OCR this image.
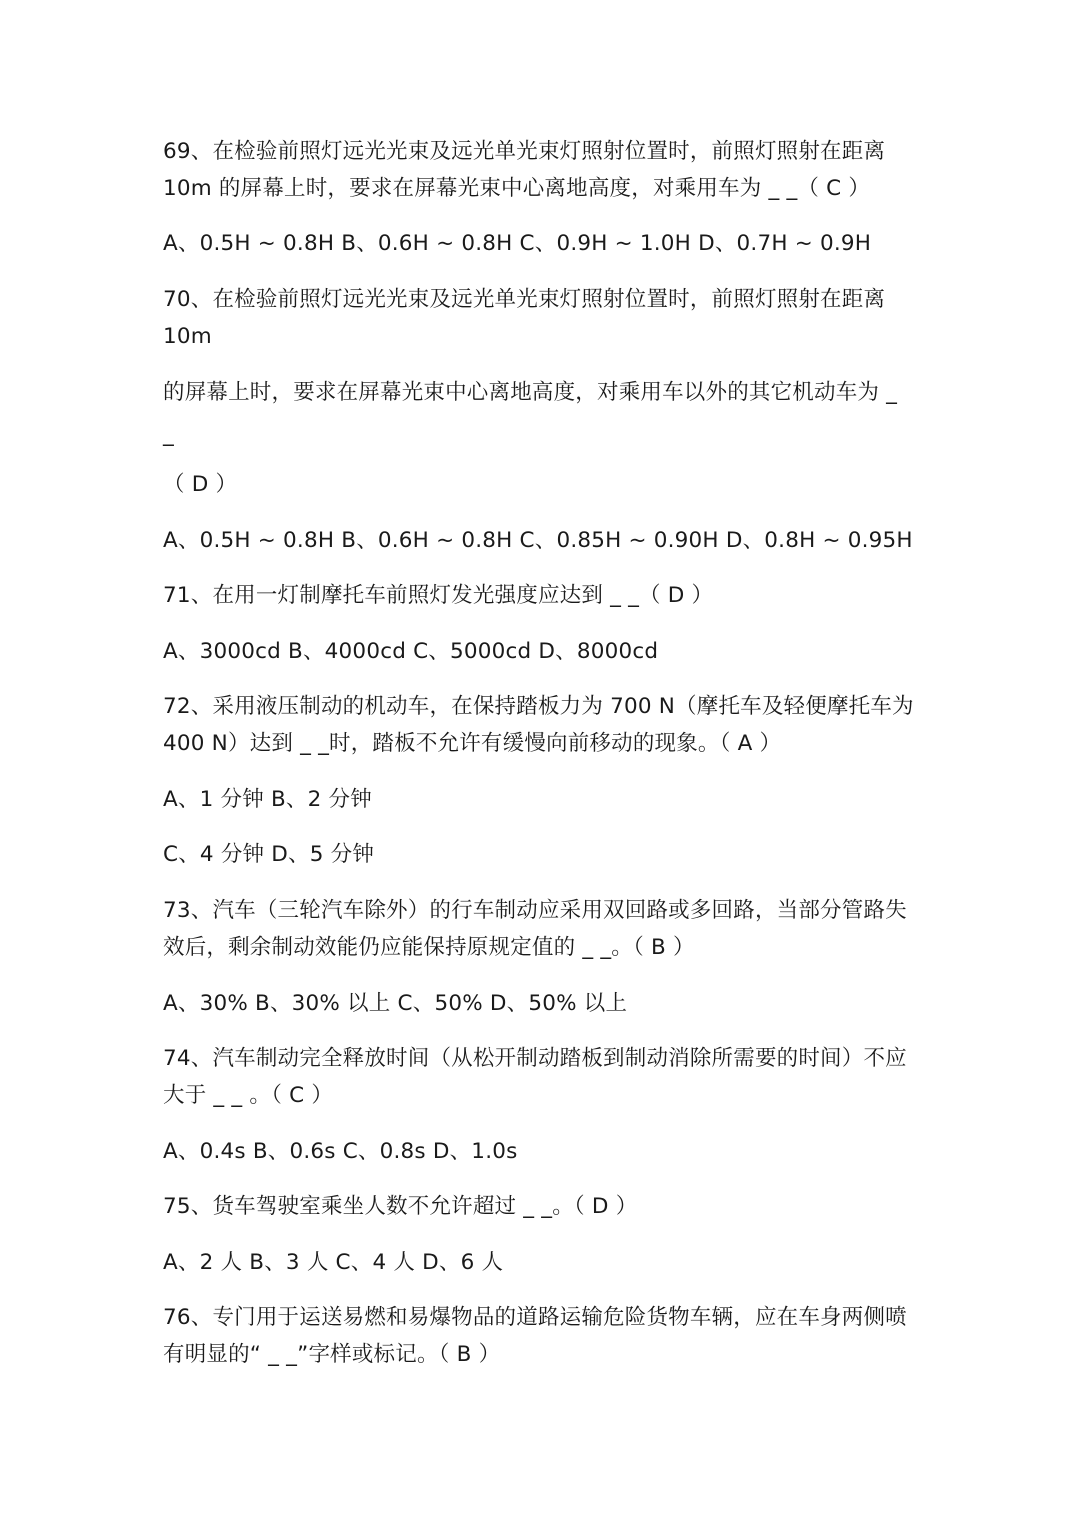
69、在检验前照灯远光光束及远光单光束灯照射位置时，前照灯照射在距离
10m 的屏幕上时，要求在屏幕光束中心离地高度，对乘用车为 _ _（ C ）
A、0.5H ~ 0.8H B、0.6H ~ 0.8H C、0.9H ~ 1.0H D、0.7H ~ 0.9H
70、在检验前照灯远光光束及远光单光束灯照射位置时，前照灯照射在距离
10m
的屏幕上时，要求在屏幕光束中心离地高度，对乘用车以外的其它机动车为 _
_
（ D ）
A、0.5H ~ 0.8H B、0.6H ~ 0.8H C、0.85H ~ 0.90H D、0.8H ~ 0.95H
71、在用一灯制摩托车前照灯发光强度应达到 _ _（ D ）
A、3000cd B、4000cd C、5000cd D、8000cd
72、采用液压制动的机动车，在保持踏板力为 700 N（摩托车及轻便摩托车为
400 N）达到 _ _时，踏板不允许有缓慢向前移动的现象。（ A ）
A、1 分钟 B、2 分钟
C、4 分钟 D、5 分钟
73、汽车（三轮汽车除外）的行车制动应采用双回路或多回路，当部分管路失
效后，剩余制动效能仍应能保持原规定值的 _ _。（ B ）
A、30% B、30% 以上 C、50% D、50% 以上
74、汽车制动完全释放时间（从松开制动踏板到制动消除所需要的时间）不应
大于 _ _ 。（ C ）
A、0.4s B、0.6s C、0.8s D、1.0s
75、货车驾驶室乘坐人数不允许超过 _ _。（ D ）
A、2 人 B、3 人 C、4 人 D、6 人
76、专门用于运送易燃和易爆物品的道路运输危险货物车辆，应在车身两侧喷
有明显的“ _ _”字样或标记。（ B ）
